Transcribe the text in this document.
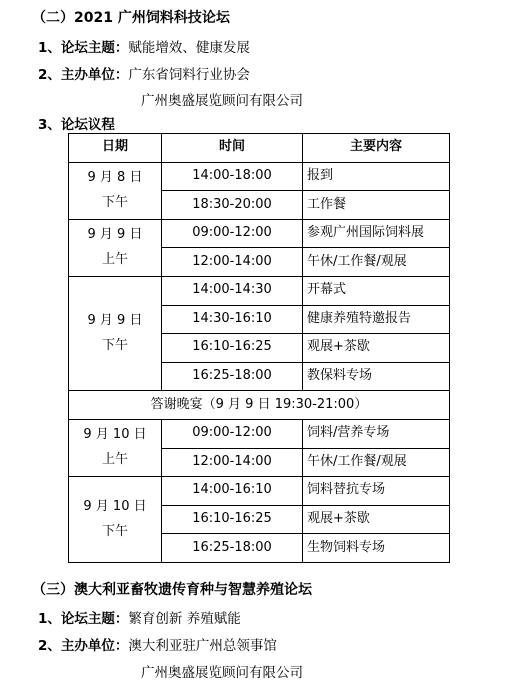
（二）2021 广州饲料科技论坛
1、论坛主题：赋能增效、健康发展
2、主办单位：广东省饲料行业协会
广州奥盛展览顾问有限公司
3、论坛议程
日期	时间	主要内容

9 月 8 日
下午	14:00-18:00	报到
	18:30-20:00	工作餐

9 月 9 日
上午	09:00-12:00	参观广州国际饲料展
	12:00-14:00	午休/工作餐/观展

9 月 9 日
下午	14:00-14:30	开幕式
	14:30-16:10	健康养殖特邀报告
	16:10-16:25	观展+茶歇
	16:25-18:00	教保料专场
答谢晚宴（9 月 9 日 19:30-21:00）		

9 月 10 日
上午	09:00-12:00	饲料/营养专场
	12:00-14:00	午休/工作餐/观展

9 月 10 日
下午	14:00-16:10	饲料替抗专场
	16:10-16:25	观展+茶歇
	16:25-18:00	生物饲料专场
（三）澳大利亚畜牧遗传育种与智慧养殖论坛
1、论坛主题：繁育创新 养殖赋能
2、主办单位：澳大利亚驻广州总领事馆
广州奥盛展览顾问有限公司
